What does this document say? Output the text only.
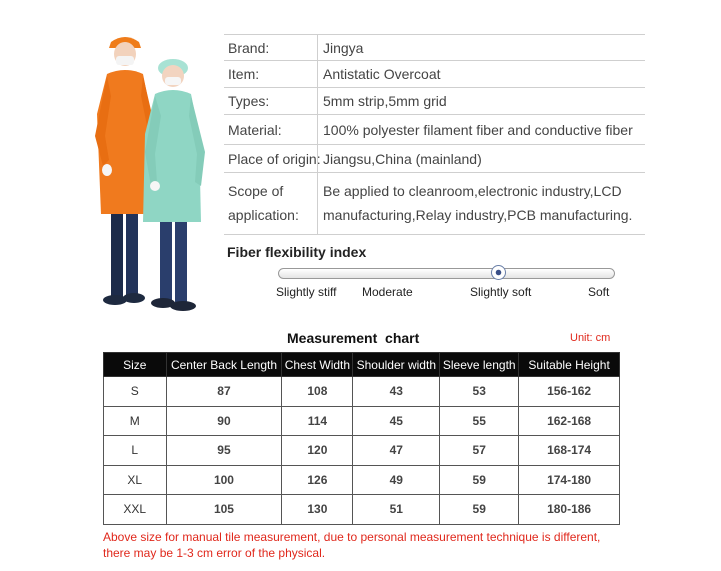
Brand:	Jingya
Item:	Antistatic Overcoat
Types:	5mm strip,5mm grid
Material:	100% polyester filament fiber and conductive fiber
Place of origin: Jiangsu,China (mainland)
Scope of
application:
Be applied to cleanroom,electronic industry,LCD
manufacturing,Relay industry,PCB manufacturing.
Fiber flexibility index
Slightly stiff Moderate	Slightly soft	Soft
Measurement  chart	Unit: cm
Size	Center Back Length	Chest Width	Shoulder width	Sleeve length	Suitable Height
S	87	108	43	53	156-162
M	90	114	45	55	162-168
L	95	120	47	57	168-174
XL	100	126	49	59	174-180
XXL	105	130	51	59	180-186
Above size for manual tile measurement, due to personal measurement technique is different,
there may be 1-3 cm error of the physical.
